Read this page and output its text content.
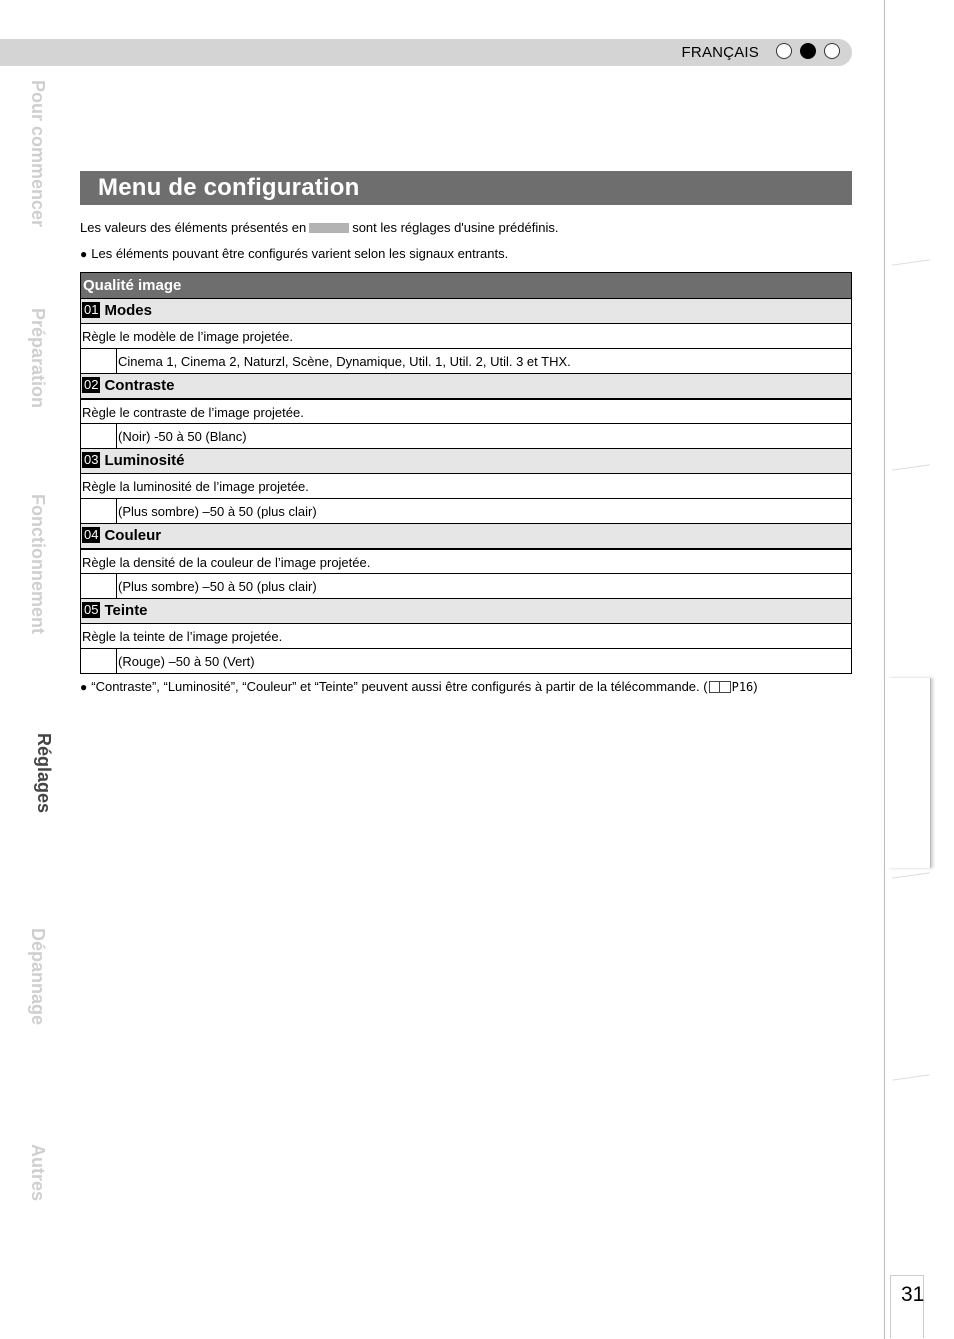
FRANÇAIS
Menu de configuration
Les valeurs des éléments présentés en	sont les réglages d'usine prédéfinis.
● Les éléments pouvant être configurés varient selon les signaux entrants.
Qualité image
01 Modes
Règle le modèle de l’image projetée.
Cinema 1, Cinema 2, Naturzl, Scène, Dynamique, Util. 1, Util. 2, Util. 3 et THX.
02 Contraste
Règle le contraste de l’image projetée.
(Noir) -50 à 50 (Blanc)
03 Luminosité
Règle la luminosité de l’image projetée.
(Plus sombre) –50 à 50 (plus clair)
04 Couleur
Règle la densité de la couleur de l’image projetée.
(Plus sombre) –50 à 50 (plus clair)
05 Teinte
Règle la teinte de l’image projetée.
(Rouge) –50 à 50 (Vert)
● “Contraste”, “Luminosité”, “Couleur” et “Teinte” peuvent aussi être configurés à partir de la télécommande. ( P16)
Pour commencer
Préparation
Fonctionnement
Réglages
Dépannage
Autres
31
